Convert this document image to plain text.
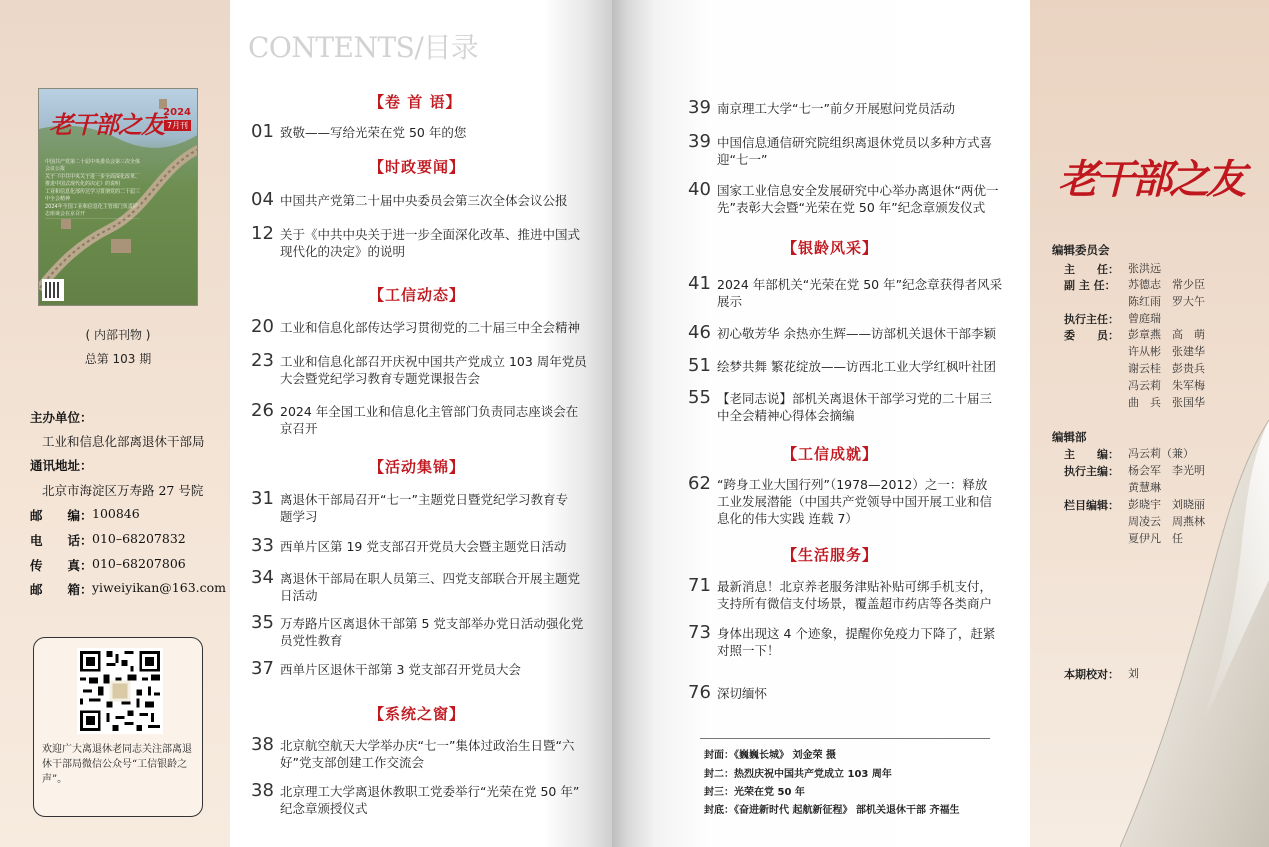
老干部之友 2024
7月刊
中国共产党第二十届中央委员会第三次全体会议公报
关于《中共中央关于进一步全面深化改革、推进中国式现代化的决定》的说明
工业和信息化部传达学习贯彻党的二十届三中全会精神
2024年全国工业和信息化主管部门负责同志座谈会在京召开
( 内部刊物 )
总第 103 期
主办单位：
工业和信息化部离退休干部局
通讯地址：
北京市海淀区万寿路 27 号院
邮　　编： 100846
电　　话： 010–68207832
传　　真： 010–68207806
邮　　箱： yiweiyikan@163.com
欢迎广大离退休老同志关注部离退休干部局微信公众号“工信银龄之声”。
CONTENTS/目录
【卷 首 语】
【时政要闻】
【工信动态】
【活动集锦】
【系统之窗】
【银龄风采】
【工信成就】
【生活服务】
01 致敬——写给光荣在党 50 年的您
04 中国共产党第二十届中央委员会第三次全体会议公报
12 关于《中共中央关于进一步全面深化改革、推进中国式
现代化的决定》的说明
20 工业和信息化部传达学习贯彻党的二十届三中全会精神
23 工业和信息化部召开庆祝中国共产党成立 103 周年党员
大会暨党纪学习教育专题党课报告会
26 2024 年全国工业和信息化主管部门负责同志座谈会在
京召开
31 离退休干部局召开“七一”主题党日暨党纪学习教育专
题学习
33 西单片区第 19 党支部召开党员大会暨主题党日活动
34 离退休干部局在职人员第三、四党支部联合开展主题党
日活动
35 万寿路片区离退休干部第 5 党支部举办党日活动强化党
员党性教育
37 西单片区退休干部第 3 党支部召开党员大会
38 北京航空航天大学举办庆“七一”集体过政治生日暨“六
好”党支部创建工作交流会
38 北京理工大学离退休教职工党委举行“光荣在党 50 年”
纪念章颁授仪式
39 南京理工大学“七一”前夕开展慰问党员活动
39 中国信息通信研究院组织离退休党员以多种方式喜
迎“七一”
40 国家工业信息安全发展研究中心举办离退休“两优一
先”表彰大会暨“光荣在党 50 年”纪念章颁发仪式
41 2024 年部机关“光荣在党 50 年”纪念章获得者风采
展示
46 初心敬芳华 余热亦生辉——访部机关退休干部李颖
51 绘梦共舞 繁花绽放——访西北工业大学红枫叶社团
55 【老同志说】部机关离退休干部学习党的二十届三
中全会精神心得体会摘编
62 “跨身工业大国行列”（1978—2012）之一：释放
工业发展潜能（中国共产党领导中国开展工业和信
息化的伟大实践 连载 7）
71 最新消息！北京养老服务津贴补贴可绑手机支付，
支持所有微信支付场景，覆盖超市药店等各类商户
73 身体出现这 4 个迹象，提醒你免疫力下降了，赶紧
对照一下！
76 深切缅怀
封面：《巍巍长城》 刘金荣 摄
封二：热烈庆祝中国共产党成立 103 周年
封三：光荣在党 50 年
封底：《奋进新时代 起航新征程》 部机关退休干部 齐福生
老干部之友
编辑委员会
主　　任： 张洪远
副 主 任： 苏德志　常少臣
陈红雨　罗大午
执行主任： 曾庭瑞
委　　员： 彭章燕　高　萌
许从彬　张建华
谢云桂　彭贵兵
冯云莉　朱军梅
曲　兵　张国华
编辑部
主　　编： 冯云莉（兼）
执行主编： 杨会军　李光明
黄慧琳
栏目编辑： 彭晓宇　刘晓丽
周凌云　周燕林
夏伊凡　任　
本期校对： 刘
